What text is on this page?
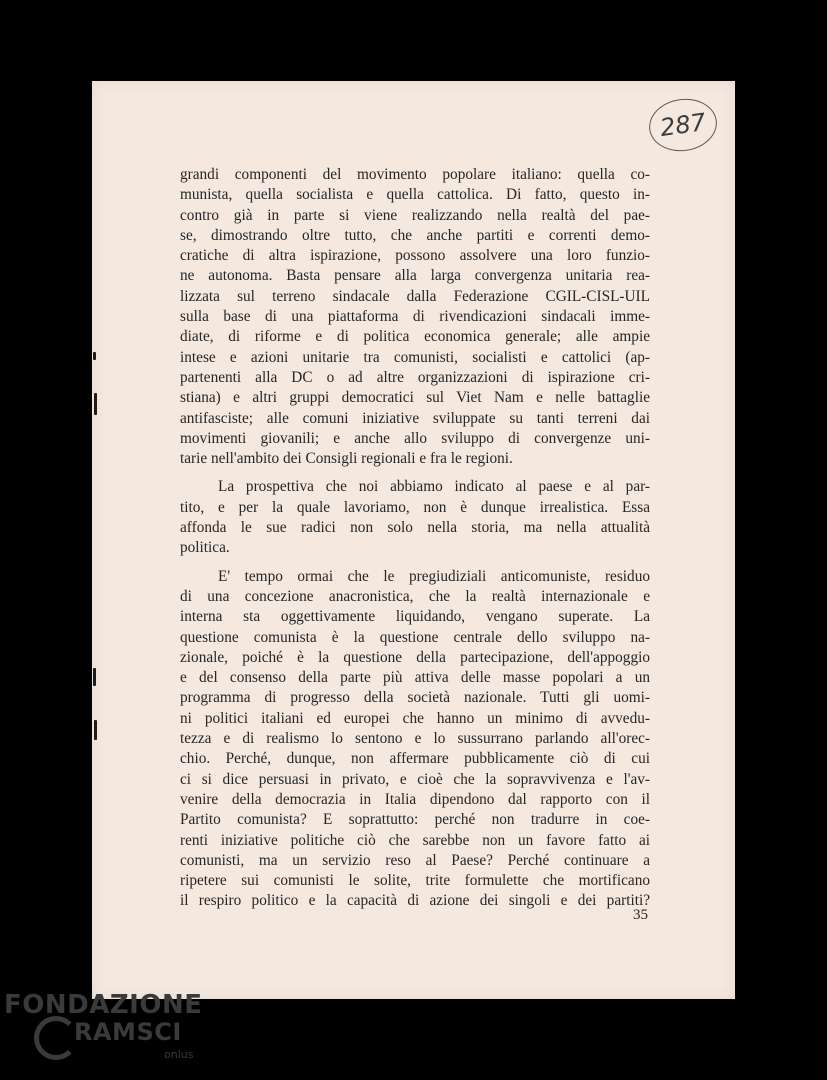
287
grandi componenti del movimento popolare italiano: quella co-
munista, quella socialista e quella cattolica. Di fatto, questo in-
contro già in parte si viene realizzando nella realtà del pae-
se, dimostrando oltre tutto, che anche partiti e correnti demo-
cratiche di altra ispirazione, possono assolvere una loro funzio-
ne autonoma. Basta pensare alla larga convergenza unitaria rea-
lizzata sul terreno sindacale dalla Federazione CGIL-CISL-UIL
sulla base di una piattaforma di rivendicazioni sindacali imme-
diate, di riforme e di politica economica generale; alle ampie
intese e azioni unitarie tra comunisti, socialisti e cattolici (ap-
partenenti alla DC o ad altre organizzazioni di ispirazione cri-
stiana) e altri gruppi democratici sul Viet Nam e nelle battaglie
antifasciste; alle comuni iniziative sviluppate su tanti terreni dai
movimenti giovanili; e anche allo sviluppo di convergenze uni-
tarie nell'ambito dei Consigli regionali e fra le regioni.
La prospettiva che noi abbiamo indicato al paese e al par-
tito, e per la quale lavoriamo, non è dunque irrealistica. Essa
affonda le sue radici non solo nella storia, ma nella attualità
politica.
E' tempo ormai che le pregiudiziali anticomuniste, residuo
di una concezione anacronistica, che la realtà internazionale e
interna sta oggettivamente liquidando, vengano superate. La
questione comunista è la questione centrale dello sviluppo na-
zionale, poiché è la questione della partecipazione, dell'appoggio
e del consenso della parte più attiva delle masse popolari a un
programma di progresso della società nazionale. Tutti gli uomi-
ni politici italiani ed europei che hanno un minimo di avvedu-
tezza e di realismo lo sentono e lo sussurrano parlando all'orec-
chio. Perché, dunque, non affermare pubblicamente ciò di cui
ci si dice persuasi in privato, e cioè che la sopravvivenza e l'av-
venire della democrazia in Italia dipendono dal rapporto con il
Partito comunista? E soprattutto: perché non tradurre in coe-
renti iniziative politiche ciò che sarebbe non un favore fatto ai
comunisti, ma un servizio reso al Paese? Perché continuare a
ripetere sui comunisti le solite, trite formulette che mortificano
il respiro politico e la capacità di azione dei singoli e dei partiti?
35
FONDAZIONE
RAMSCI
onlus
